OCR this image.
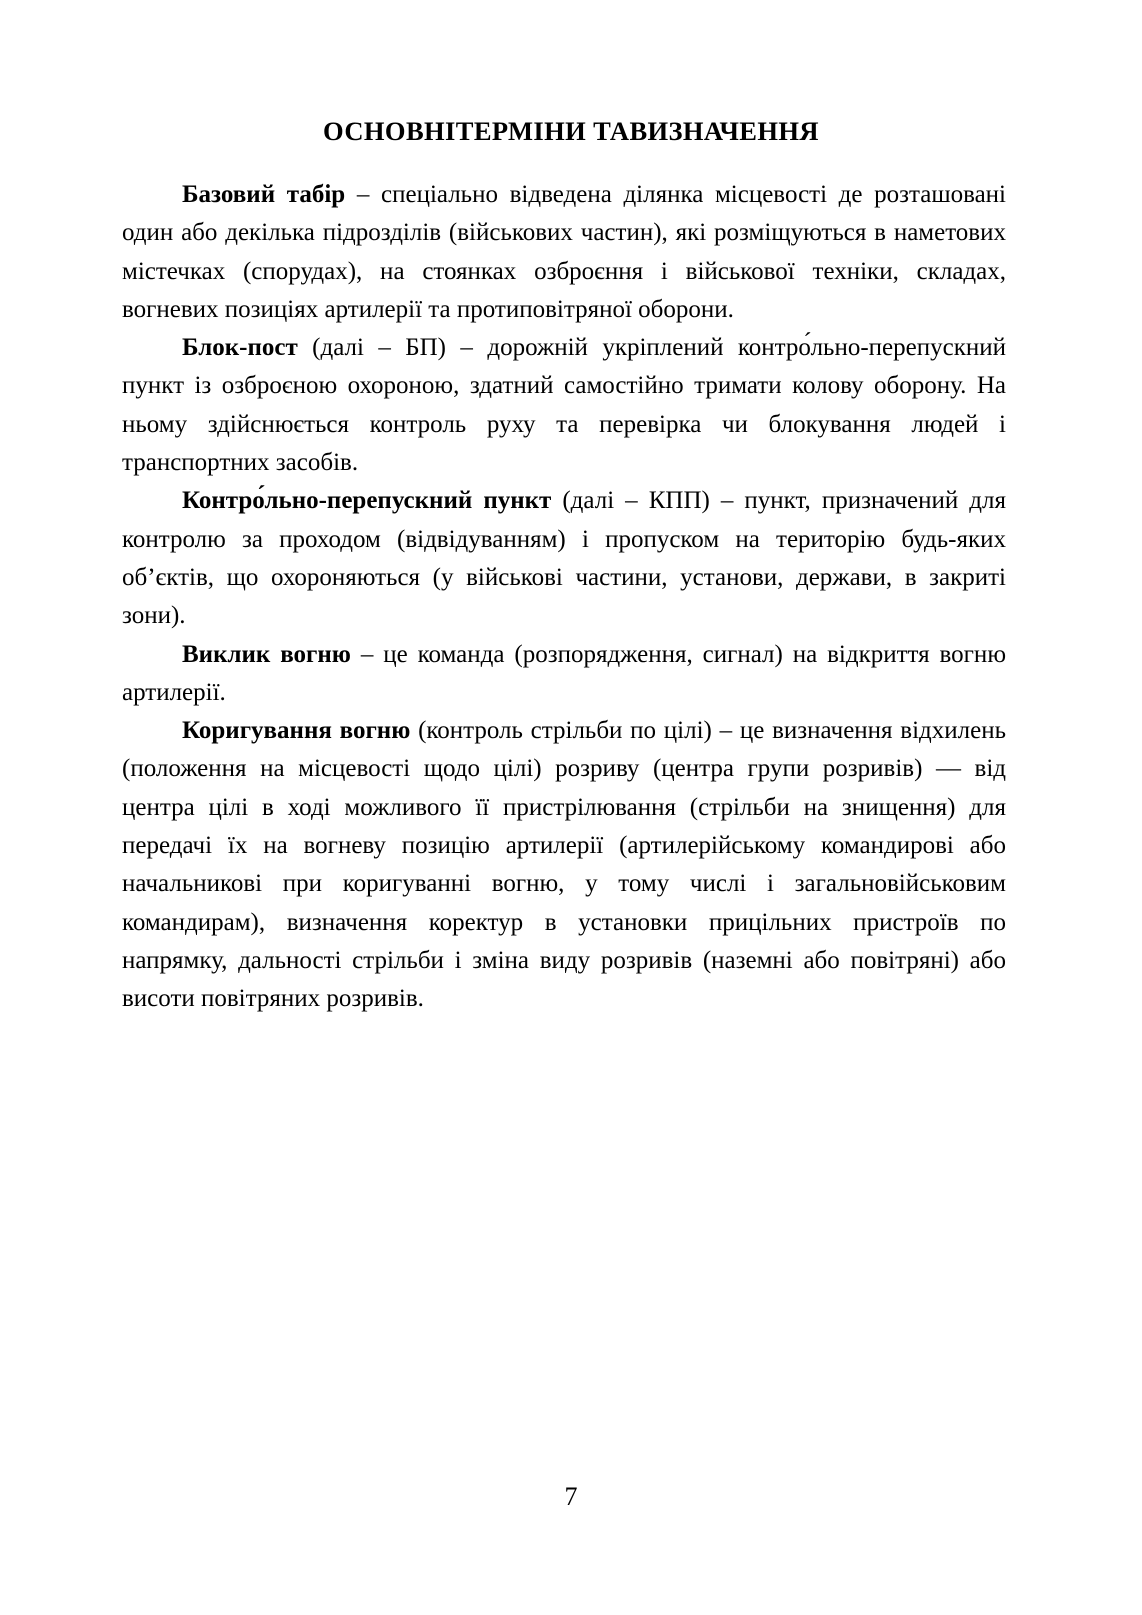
ОСНОВНІТЕРМІНИ ТАВИЗНАЧЕННЯ

Базовий табір – спеціально відведена ділянка місцевості де розташовані один або декілька підрозділів (військових частин), які розміщуються в наметових містечках (спорудах), на стоянках озброєння і військової техніки, складах, вогневих позиціях артилерії та протиповітряної оборони.

Блок-пост (далі – БП) – дорожній укріплений контро́льно-перепускний пункт із озброєною охороною, здатний самостійно тримати колову оборону. На ньому здійснюється контроль руху та перевірка чи блокування людей і транспортних засобів.

Контро́льно-перепускний пункт (далі – КПП) – пункт, призначений для контролю за проходом (відвідуванням) і пропуском на територію будь-яких об’єктів, що охороняються (у військові частини, установи, держави, в закриті зони).

Виклик вогню – це команда (розпорядження, сигнал) на відкриття вогню артилерії.

Коригування вогню (контроль стрільби по цілі) – це визначення відхилень (положення на місцевості щодо цілі) розриву (центра групи розривів) — від центра цілі в ході можливого її пристрілювання (стрільби на знищення) для передачі їх на вогневу позицію артилерії (артилерійському командирові або начальникові при коригуванні вогню, у тому числі і загальновійськовим командирам), визначення коректур в установки прицільних пристроїв по напрямку, дальності стрільби і зміна виду розривів (наземні або повітряні) або висоти повітряних розривів.

7
